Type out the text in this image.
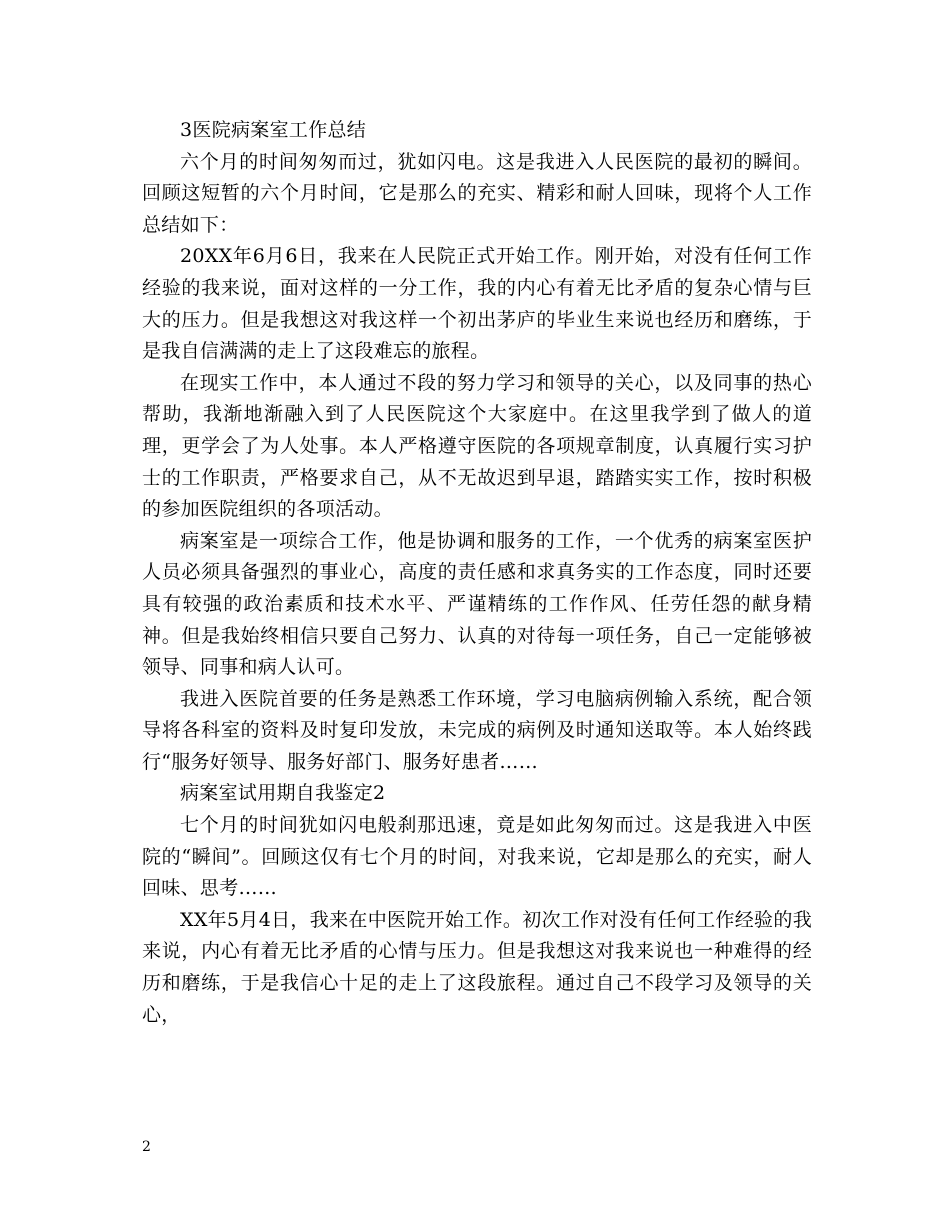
3医院病案室工作总结

六个月的时间匆匆而过，犹如闪电。这是我进入人民医院的最初的瞬间。回顾这短暂的六个月时间，它是那么的充实、精彩和耐人回味，现将个人工作总结如下：

20XX年6月6日，我来在人民院正式开始工作。刚开始，对没有任何工作经验的我来说，面对这样的一分工作，我的内心有着无比矛盾的复杂心情与巨大的压力。但是我想这对我这样一个初出茅庐的毕业生来说也经历和磨练，于是我自信满满的走上了这段难忘的旅程。

在现实工作中，本人通过不段的努力学习和领导的关心，以及同事的热心帮助，我渐地渐融入到了人民医院这个大家庭中。在这里我学到了做人的道理，更学会了为人处事。本人严格遵守医院的各项规章制度，认真履行实习护士的工作职责，严格要求自己，从不无故迟到早退，踏踏实实工作，按时积极的参加医院组织的各项活动。

病案室是一项综合工作，他是协调和服务的工作，一个优秀的病案室医护人员必须具备强烈的事业心，高度的责任感和求真务实的工作态度，同时还要具有较强的政治素质和技术水平、严谨精练的工作作风、任劳任怨的献身精神。但是我始终相信只要自己努力、认真的对待每一项任务，自己一定能够被领导、同事和病人认可。

我进入医院首要的任务是熟悉工作环境，学习电脑病例输入系统，配合领导将各科室的资料及时复印发放，未完成的病例及时通知送取等。本人始终践行“服务好领导、服务好部门、服务好患者……

病案室试用期自我鉴定2

七个月的时间犹如闪电般刹那迅速，竟是如此匆匆而过。这是我进入中医院的“瞬间”。回顾这仅有七个月的时间，对我来说，它却是那么的充实，耐人回味、思考……

XX年5月4日，我来在中医院开始工作。初次工作对没有任何工作经验的我来说，内心有着无比矛盾的心情与压力。但是我想这对我来说也一种难得的经历和磨练，于是我信心十足的走上了这段旅程。通过自己不段学习及领导的关心，

2
